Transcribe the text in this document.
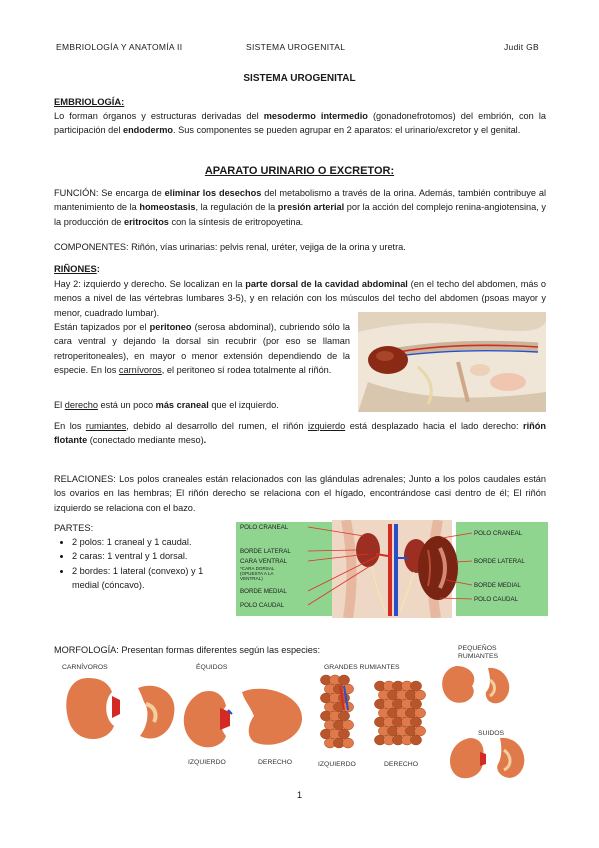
EMBRIOLOGÍA Y ANATOMÍA II	SISTEMA UROGENITAL	Judit GB
SISTEMA UROGENITAL
EMBRIOLOGÍA:

Lo forman órganos y estructuras derivadas del mesodermo intermedio (gonadonefrotomos) del embrión, con la participación del endodermo. Sus componentes se pueden agrupar en 2 aparatos: el urinario/excretor y el genital.

APARATO URINARIO O EXCRETOR:

FUNCIÓN: Se encarga de eliminar los desechos del metabolismo a través de la orina. Además, también contribuye al mantenimiento de la homeostasis, la regulación de la presión arterial por la acción del complejo renina-angiotensina, y la producción de eritrocitos con la síntesis de eritropoyetina.

COMPONENTES: Riñón, vías urinarias: pelvis renal, uréter, vejiga de la orina y uretra.

RIÑONES:

Hay 2: izquierdo y derecho. Se localizan en la parte dorsal de la cavidad abdominal (en el techo del abdomen, más o menos a nivel de las vértebras lumbares 3-5), y en relación con los músculos del techo del abdomen (psoas mayor y menor, cuadrado lumbar).

Están tapizados por el peritoneo (serosa abdominal), cubriendo sólo la cara ventral y dejando la dorsal sin recubrir (por eso se llaman retroperitoneales), en mayor o menor extensión dependiendo de la especie. En los carnívoros, el peritoneo sí rodea totalmente al riñón.

El derecho está un poco más craneal que el izquierdo.

En los rumiantes, debido al desarrollo del rumen, el riñón izquierdo está desplazado hacia el lado derecho: riñón flotante (conectado mediante meso).

RELACIONES: Los polos craneales están relacionados con las glándulas adrenales; Junto a los polos caudales están los ovarios en las hembras; El riñón derecho se relaciona con el hígado, encontrándose casi dentro de él; El riñón izquierdo se relaciona con el bazo.

PARTES:
• 2 polos: 1 craneal y 1 caudal.
• 2 caras: 1 ventral y 1 dorsal.
• 2 bordes: 1 lateral (convexo) y 1 medial (cóncavo).
POLO CRANEAL
BORDE LATERAL
CARA VENTRAL
*CARA DORSAL
(OPUESTA A LA
VENTRAL)
BORDE MEDIAL
POLO CAUDAL
POLO CRANEAL
BORDE LATERAL
BORDE MEDIAL
POLO CAUDAL

MORFOLOGÍA: Presentan formas diferentes según las especies:

CARNÍVOROS	ÉQUIDOS
IZQUIERDO	DERECHO
GRANDES RUMIANTES
IZQUIERDO	DERECHO
PEQUEÑOS
RUMIANTES
SUIDOS
1
